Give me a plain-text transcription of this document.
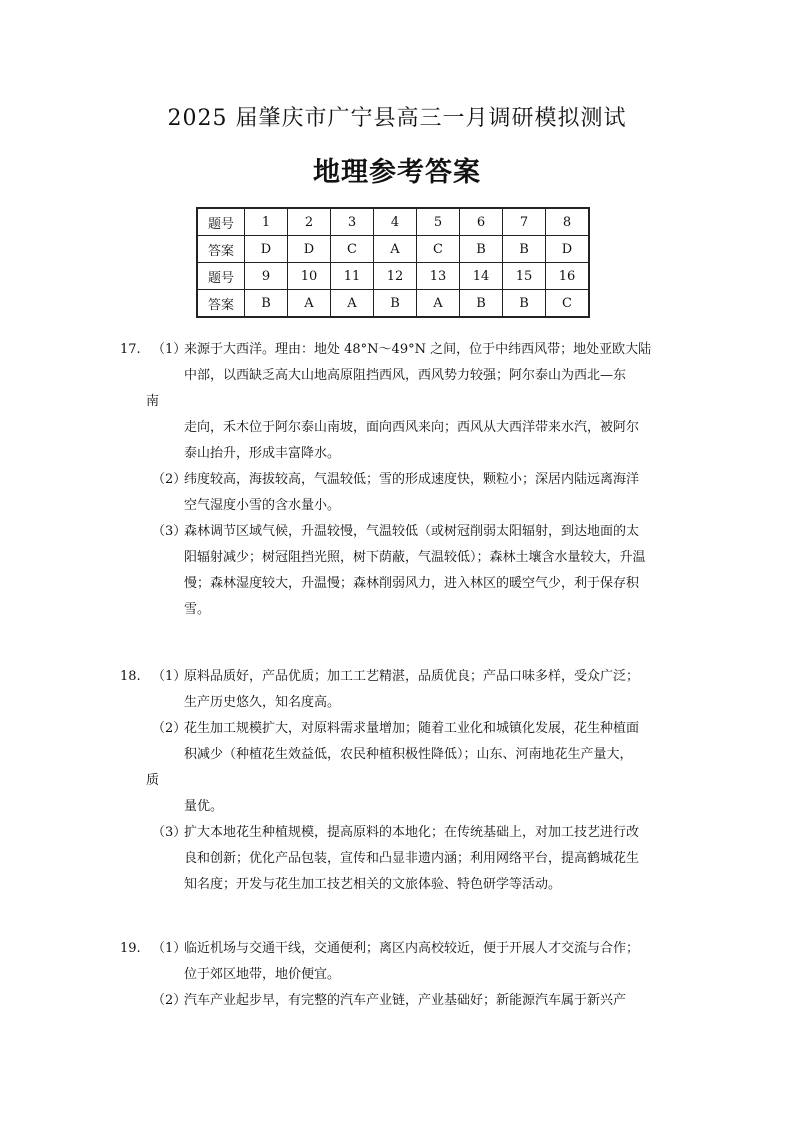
2025 届肇庆市广宁县高三一月调研模拟测试
地理参考答案
题号	1	2	3	4	5	6	7	8
答案	D	D	C	A	C	B	B	D
题号	9	10	11	12	13	14	15	16
答案	B	A	A	B	A	B	B	C
17. （1）
来源于大西洋。理由：地处 48°N～49°N 之间，位于中纬西风带；地处亚欧大陆
中部，以西缺乏高大山地高原阻挡西风，西风势力较强；阿尔泰山为西北—东
南
走向，禾木位于阿尔泰山南坡，面向西风来向；西风从大西洋带来水汽，被阿尔
泰山抬升，形成丰富降水。
（2）
纬度较高，海拔较高，气温较低；雪的形成速度快，颗粒小；深居内陆远离海洋
空气湿度小雪的含水量小。
（3）
森林调节区域气候，升温较慢，气温较低（或树冠削弱太阳辐射，到达地面的太
阳辐射减少；树冠阻挡光照，树下荫蔽，气温较低）；森林土壤含水量较大，升温
慢；森林湿度较大，升温慢；森林削弱风力，进入林区的暖空气少，利于保存积
雪。
18. （1）
原料品质好，产品优质；加工工艺精湛，品质优良；产品口味多样，受众广泛；
生产历史悠久，知名度高。
（2）
花生加工规模扩大，对原料需求量增加；随着工业化和城镇化发展，花生种植面
积减少（种植花生效益低，农民种植积极性降低）；山东、河南地花生产量大，
质
量优。
（3）
扩大本地花生种植规模，提高原料的本地化；在传统基础上，对加工技艺进行改
良和创新；优化产品包装，宣传和凸显非遗内涵；利用网络平台，提高鹤城花生
知名度；开发与花生加工技艺相关的文旅体验、特色研学等活动。
19. （1）
临近机场与交通干线，交通便利；离区内高校较近，便于开展人才交流与合作；
位于郊区地带，地价便宜。
（2）
汽车产业起步早，有完整的汽车产业链，产业基础好；新能源汽车属于新兴产
